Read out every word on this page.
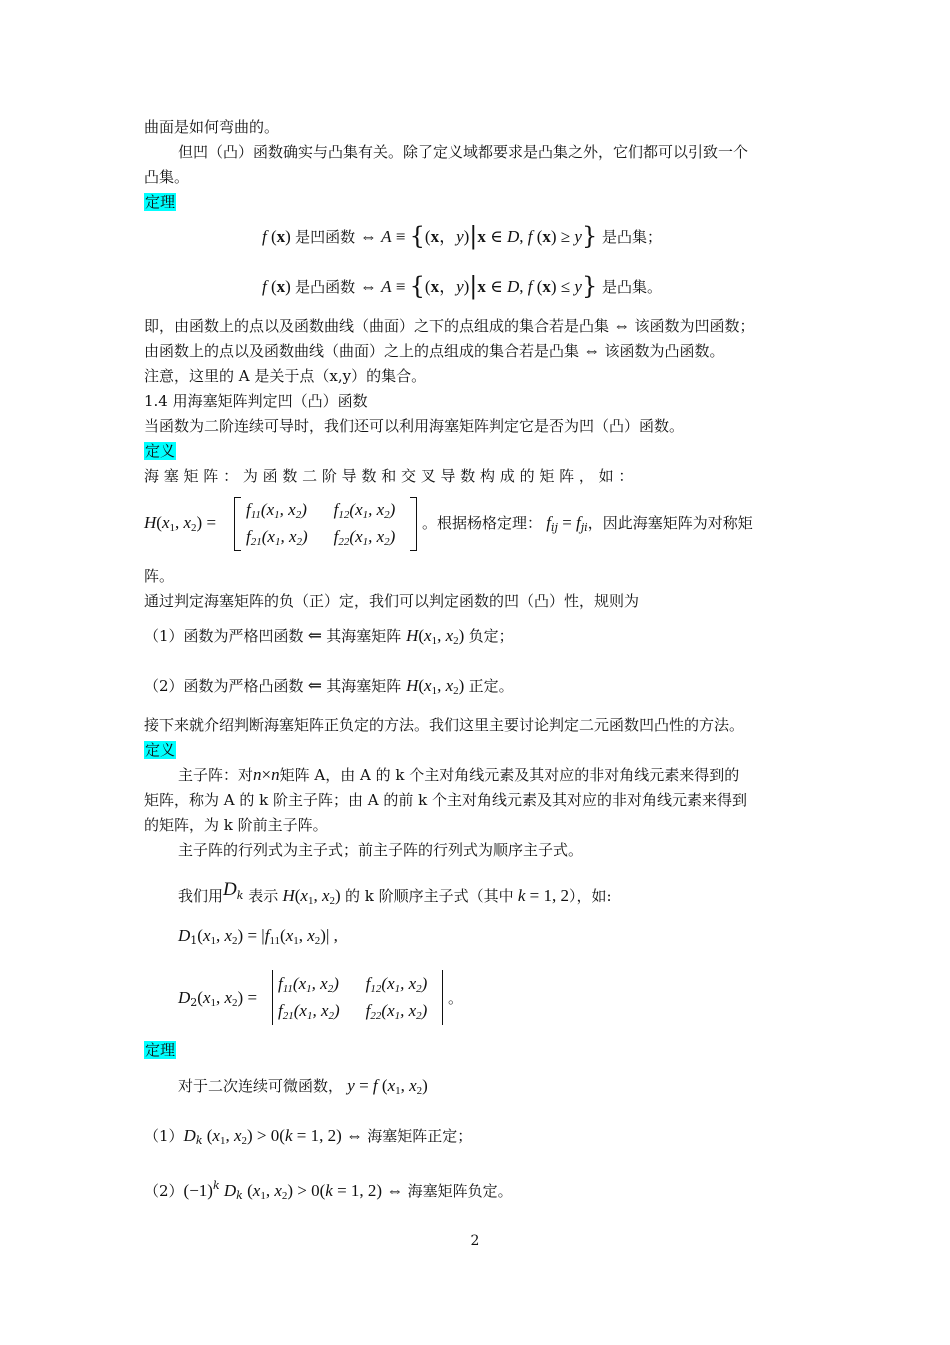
曲面是如何弯曲的。
但凹（凸）函数确实与凸集有关。除了定义域都要求是凸集之外，它们都可以引致一个
凸集。
定理
f (x) 是凹函数 ⇔ A ≡ {(x，y)|x ∈ D, f (x) ≥ y} 是凸集；
f (x) 是凸函数 ⇔ A ≡ {(x，y)|x ∈ D, f (x) ≤ y} 是凸集。
即，由函数上的点以及函数曲线（曲面）之下的点组成的集合若是凸集 ⇔ 该函数为凹函数；
由函数上的点以及函数曲线（曲面）之上的点组成的集合若是凸集 ⇔ 该函数为凸函数。
注意，这里的 A 是关于点（x,y）的集合。
1.4 用海塞矩阵判定凹（凸）函数
当函数为二阶连续可导时，我们还可以利用海塞矩阵判定它是否为凹（凸）函数。
定义
海 塞 矩 阵 ： 为 函 数 二 阶 导 数 和 交 叉 导 数 构 成 的 矩 阵 ， 如 ：
$H(x_1$, $x_2$) =
$f_{11}(x_1$, $x_2$) $f_{12}(x_1$, $x_2$)
$f_{21}(x_1$, $x_2$) $f_{22}(x_1$, $x_2$)
。根据杨格定理： $f_{ij} = f_{ji}$，因此海塞矩阵为对称矩
阵。
通过判定海塞矩阵的负（正）定，我们可以判定函数的凹（凸）性，规则为
（1）函数为严格凹函数 ⇐ 其海塞矩阵 $H(x_1$, $x_2$) 负定；
（2）函数为严格凸函数 ⇐ 其海塞矩阵 $H(x_1$, $x_2$) 正定。
接下来就介绍判断海塞矩阵正负定的方法。我们这里主要讨论判定二元函数凹凸性的方法。
定义
主子阵：对n×n矩阵 A，由 A 的 k 个主对角线元素及其对应的非对角线元素来得到的
矩阵，称为 A 的 k 阶主子阵；由 A 的前 k 个主对角线元素及其对应的非对角线元素来得到
的矩阵，为 k 阶前主子阵。
主子阵的行列式为主子式；前主子阵的行列式为顺序主子式。
我们用$D_k$ 表示 $H(x_1$, $x_2$) 的 k 阶顺序主子式（其中 k = 1, 2），如:
$D_1(x_1$, $x_2) = |f_{11}(x_1$, $x_2)|$ ,
$D_2(x_1$, $x_2$) =
$f_{11}(x_1$, $x_2$) $f_{12}(x_1$, $x_2$)
$f_{21}(x_1$, $x_2$) $f_{22}(x_1$, $x_2$)
。
定理
对于二次连续可微函数， y = f ($x_1$, $x_2$)
$(1)D_k$ ($x_1$, $x_2) > 0(k = 1$, 2) ⇔ 海塞矩阵正定；
$(2)(-1)^k$ $D_k$ ($x_1$, $x_2) > 0(k = 1$, 2) ⇔ 海塞矩阵负定。
2
